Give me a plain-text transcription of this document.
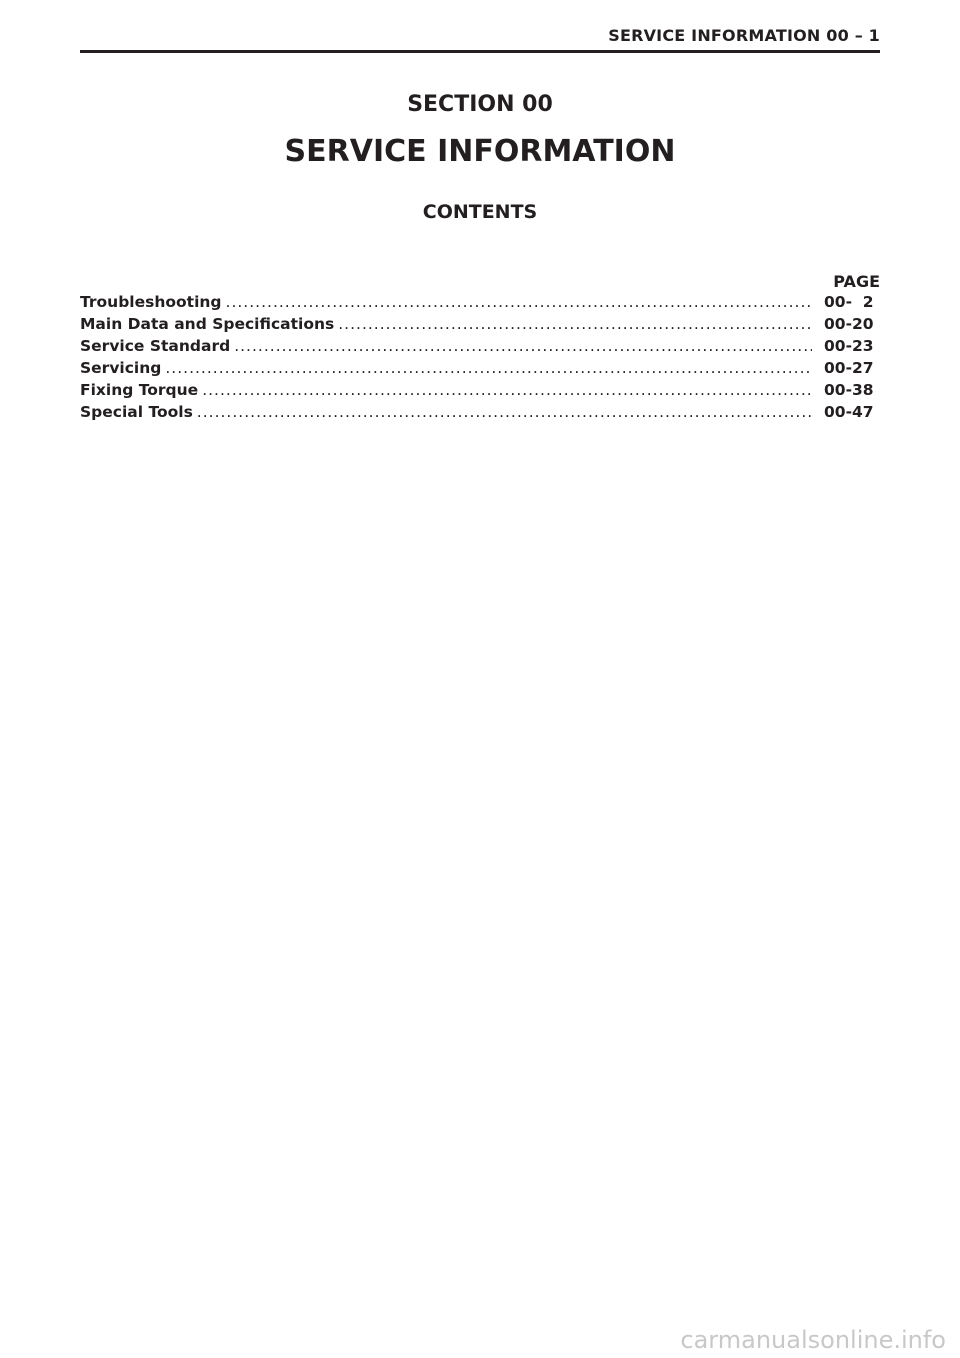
SERVICE INFORMATION 00 – 1
SECTION 00
SERVICE INFORMATION
CONTENTS
PAGE
Troubleshooting .....	00-  2
Main Data and Specifications .....	00-20
Service Standard .....	00-23
Servicing .....	00-27
Fixing Torque .....	00-38
Special Tools .....	00-47
carmanualsonline.info
